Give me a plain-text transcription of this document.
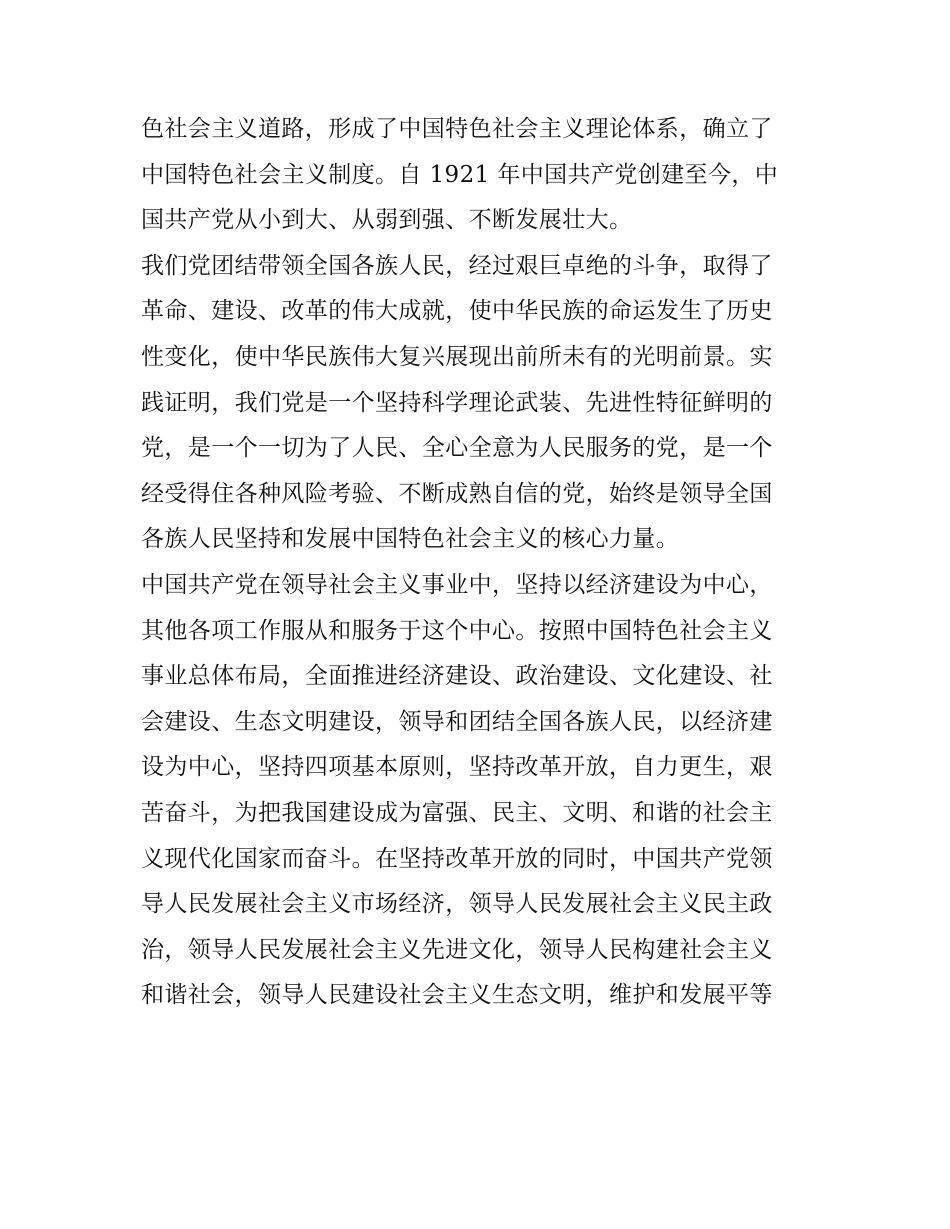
色社会主义道路，形成了中国特色社会主义理论体系，确立了
中国特色社会主义制度。自 1921 年中国共产党创建至今，中
国共产党从小到大、从弱到强、不断发展壮大。
我们党团结带领全国各族人民，经过艰巨卓绝的斗争，取得了
革命、建设、改革的伟大成就，使中华民族的命运发生了历史
性变化，使中华民族伟大复兴展现出前所未有的光明前景。实
践证明，我们党是一个坚持科学理论武装、先进性特征鲜明的
党，是一个一切为了人民、全心全意为人民服务的党，是一个
经受得住各种风险考验、不断成熟自信的党，始终是领导全国
各族人民坚持和发展中国特色社会主义的核心力量。
中国共产党在领导社会主义事业中，坚持以经济建设为中心，
其他各项工作服从和服务于这个中心。按照中国特色社会主义
事业总体布局，全面推进经济建设、政治建设、文化建设、社
会建设、生态文明建设，领导和团结全国各族人民，以经济建
设为中心，坚持四项基本原则，坚持改革开放，自力更生，艰
苦奋斗，为把我国建设成为富强、民主、文明、和谐的社会主
义现代化国家而奋斗。在坚持改革开放的同时，中国共产党领
导人民发展社会主义市场经济，领导人民发展社会主义民主政
治，领导人民发展社会主义先进文化，领导人民构建社会主义
和谐社会，领导人民建设社会主义生态文明，维护和发展平等
